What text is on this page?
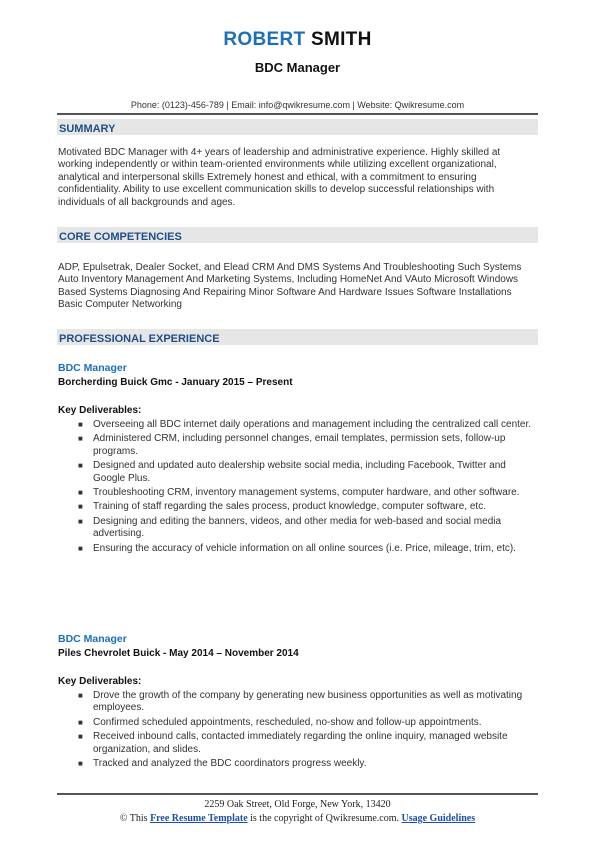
ROBERT SMITH
BDC Manager
Phone: (0123)-456-789 | Email: info@qwikresume.com | Website: Qwikresume.com
SUMMARY
Motivated BDC Manager with 4+ years of leadership and administrative experience. Highly skilled at working independently or within team-oriented environments while utilizing excellent organizational, analytical and interpersonal skills Extremely honest and ethical, with a commitment to ensuring confidentiality. Ability to use excellent communication skills to develop successful relationships with individuals of all backgrounds and ages.
CORE COMPETENCIES
ADP, Epulsetrak, Dealer Socket, and Elead CRM And DMS Systems And Troubleshooting Such Systems Auto Inventory Management And Marketing Systems, Including HomeNet And VAuto Microsoft Windows Based Systems Diagnosing And Repairing Minor Software And Hardware Issues Software Installations Basic Computer Networking
PROFESSIONAL EXPERIENCE
BDC Manager
Borcherding Buick Gmc - January 2015 – Present
Key Deliverables:
■ Overseeing all BDC internet daily operations and management including the centralized call center.
■ Administered CRM, including personnel changes, email templates, permission sets, follow-up programs.
■ Designed and updated auto dealership website social media, including Facebook, Twitter and Google Plus.
■ Troubleshooting CRM, inventory management systems, computer hardware, and other software.
■ Training of staff regarding the sales process, product knowledge, computer software, etc.
■ Designing and editing the banners, videos, and other media for web-based and social media advertising.
■ Ensuring the accuracy of vehicle information on all online sources (i.e. Price, mileage, trim, etc).
BDC Manager
Piles Chevrolet Buick - May 2014 – November 2014
Key Deliverables:
■ Drove the growth of the company by generating new business opportunities as well as motivating employees.
■ Confirmed scheduled appointments, rescheduled, no-show and follow-up appointments.
■ Received inbound calls, contacted immediately regarding the online inquiry, managed website organization, and slides.
■ Tracked and analyzed the BDC coordinators progress weekly.
2259 Oak Street, Old Forge, New York, 13420
© This Free Resume Template is the copyright of Qwikresume.com. Usage Guidelines
